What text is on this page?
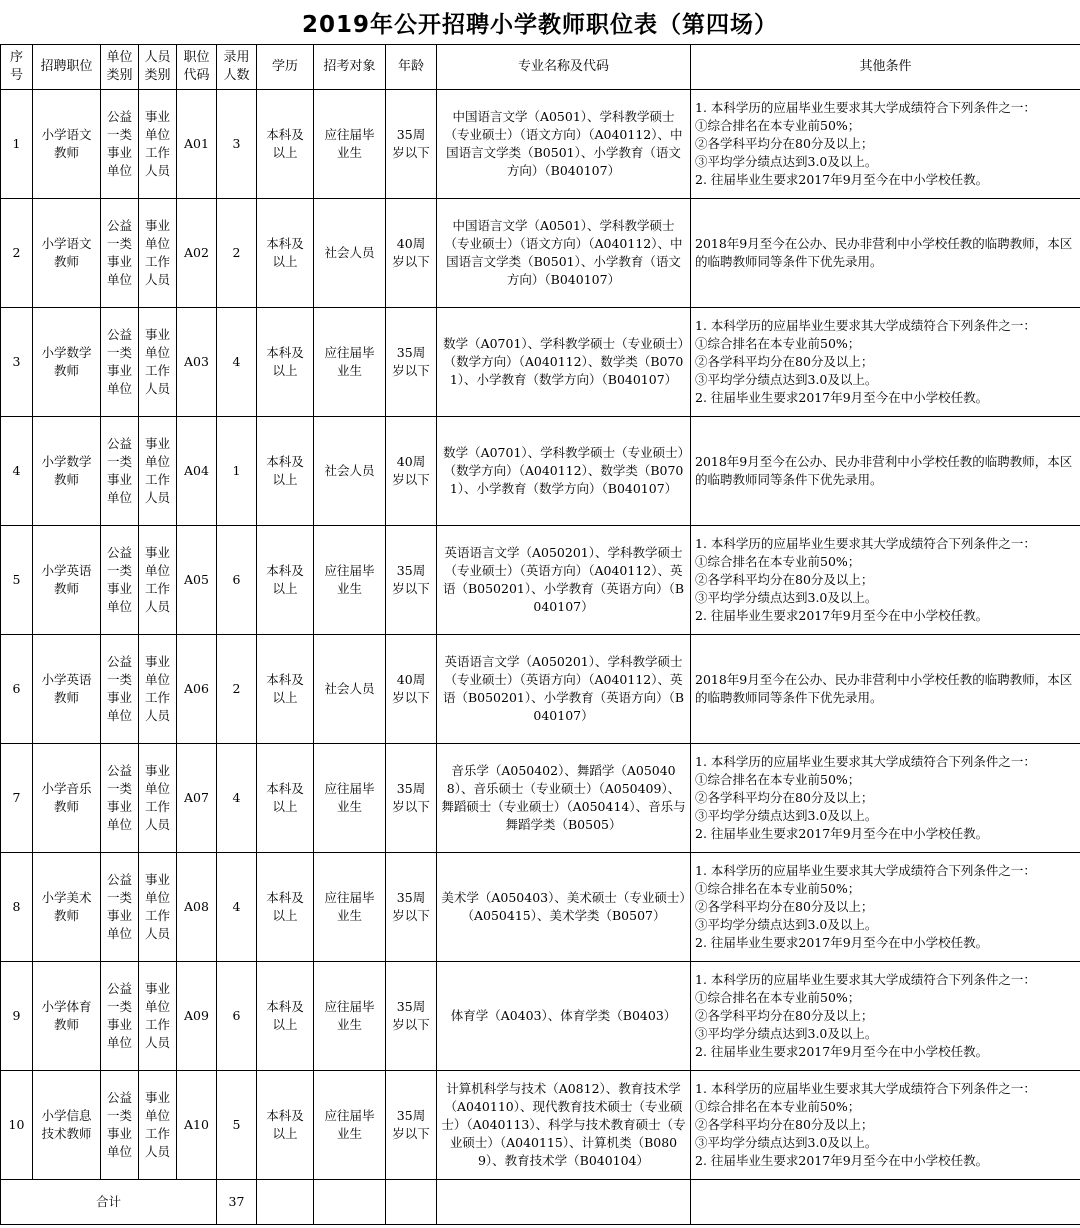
2019年公开招聘小学教师职位表（第四场）
序号	招聘职位	单位类别	人员类别	职位代码	录用人数	学历	招考对象	年龄	专业名称及代码	其他条件
1	小学语文教师	公益一类事业单位	事业单位工作人员	A01	3	本科及以上	应往届毕业生	35周岁以下	中国语言文学（A0501）、学科教学硕士（专业硕士）（语文方向）（A040112）、中国语言文学类（B0501）、小学教育（语文方向）（B040107）	1. 本科学历的应届毕业生要求其大学成绩符合下列条件之一：
①综合排名在本专业前50%；
②各学科平均分在80分及以上；
③平均学分绩点达到3.0及以上。
2. 往届毕业生要求2017年9月至今在中小学校任教。
2	小学语文教师	公益一类事业单位	事业单位工作人员	A02	2	本科及以上	社会人员	40周岁以下	中国语言文学（A0501）、学科教学硕士（专业硕士）（语文方向）（A040112）、中国语言文学类（B0501）、小学教育（语文方向）（B040107）	2018年9月至今在公办、民办非营利中小学校任教的临聘教师，本区的临聘教师同等条件下优先录用。
3	小学数学教师	公益一类事业单位	事业单位工作人员	A03	4	本科及以上	应往届毕业生	35周岁以下	数学（A0701）、学科教学硕士（专业硕士）（数学方向）（A040112）、数学类（B0701）、小学教育（数学方向）（B040107）	1. 本科学历的应届毕业生要求其大学成绩符合下列条件之一：
①综合排名在本专业前50%；
②各学科平均分在80分及以上；
③平均学分绩点达到3.0及以上。
2. 往届毕业生要求2017年9月至今在中小学校任教。
4	小学数学教师	公益一类事业单位	事业单位工作人员	A04	1	本科及以上	社会人员	40周岁以下	数学（A0701）、学科教学硕士（专业硕士）（数学方向）（A040112）、数学类（B0701）、小学教育（数学方向）（B040107）	2018年9月至今在公办、民办非营利中小学校任教的临聘教师，本区的临聘教师同等条件下优先录用。
5	小学英语教师	公益一类事业单位	事业单位工作人员	A05	6	本科及以上	应往届毕业生	35周岁以下	英语语言文学（A050201）、学科教学硕士（专业硕士）（英语方向）（A040112）、英语（B050201）、小学教育（英语方向）（B040107）	1. 本科学历的应届毕业生要求其大学成绩符合下列条件之一：
①综合排名在本专业前50%；
②各学科平均分在80分及以上；
③平均学分绩点达到3.0及以上。
2. 往届毕业生要求2017年9月至今在中小学校任教。
6	小学英语教师	公益一类事业单位	事业单位工作人员	A06	2	本科及以上	社会人员	40周岁以下	英语语言文学（A050201）、学科教学硕士（专业硕士）（英语方向）（A040112）、英语（B050201）、小学教育（英语方向）（B040107）	2018年9月至今在公办、民办非营利中小学校任教的临聘教师，本区的临聘教师同等条件下优先录用。
7	小学音乐教师	公益一类事业单位	事业单位工作人员	A07	4	本科及以上	应往届毕业生	35周岁以下	音乐学（A050402）、舞蹈学（A050408）、音乐硕士（专业硕士）（A050409）、舞蹈硕士（专业硕士）（A050414）、音乐与舞蹈学类（B0505）	1. 本科学历的应届毕业生要求其大学成绩符合下列条件之一：
①综合排名在本专业前50%；
②各学科平均分在80分及以上；
③平均学分绩点达到3.0及以上。
2. 往届毕业生要求2017年9月至今在中小学校任教。
8	小学美术教师	公益一类事业单位	事业单位工作人员	A08	4	本科及以上	应往届毕业生	35周岁以下	美术学（A050403）、美术硕士（专业硕士）（A050415）、美术学类（B0507）	1. 本科学历的应届毕业生要求其大学成绩符合下列条件之一：
①综合排名在本专业前50%；
②各学科平均分在80分及以上；
③平均学分绩点达到3.0及以上。
2. 往届毕业生要求2017年9月至今在中小学校任教。
9	小学体育教师	公益一类事业单位	事业单位工作人员	A09	6	本科及以上	应往届毕业生	35周岁以下	体育学（A0403）、体育学类（B0403）	1. 本科学历的应届毕业生要求其大学成绩符合下列条件之一：
①综合排名在本专业前50%；
②各学科平均分在80分及以上；
③平均学分绩点达到3.0及以上。
2. 往届毕业生要求2017年9月至今在中小学校任教。
10	小学信息技术教师	公益一类事业单位	事业单位工作人员	A10	5	本科及以上	应往届毕业生	35周岁以下	计算机科学与技术（A0812）、教育技术学（A040110）、现代教育技术硕士（专业硕士）（A040113）、科学与技术教育硕士（专业硕士）（A040115）、计算机类（B0809）、教育技术学（B040104）	1. 本科学历的应届毕业生要求其大学成绩符合下列条件之一：
①综合排名在本专业前50%；
②各学科平均分在80分及以上；
③平均学分绩点达到3.0及以上。
2. 往届毕业生要求2017年9月至今在中小学校任教。
合计					37					
